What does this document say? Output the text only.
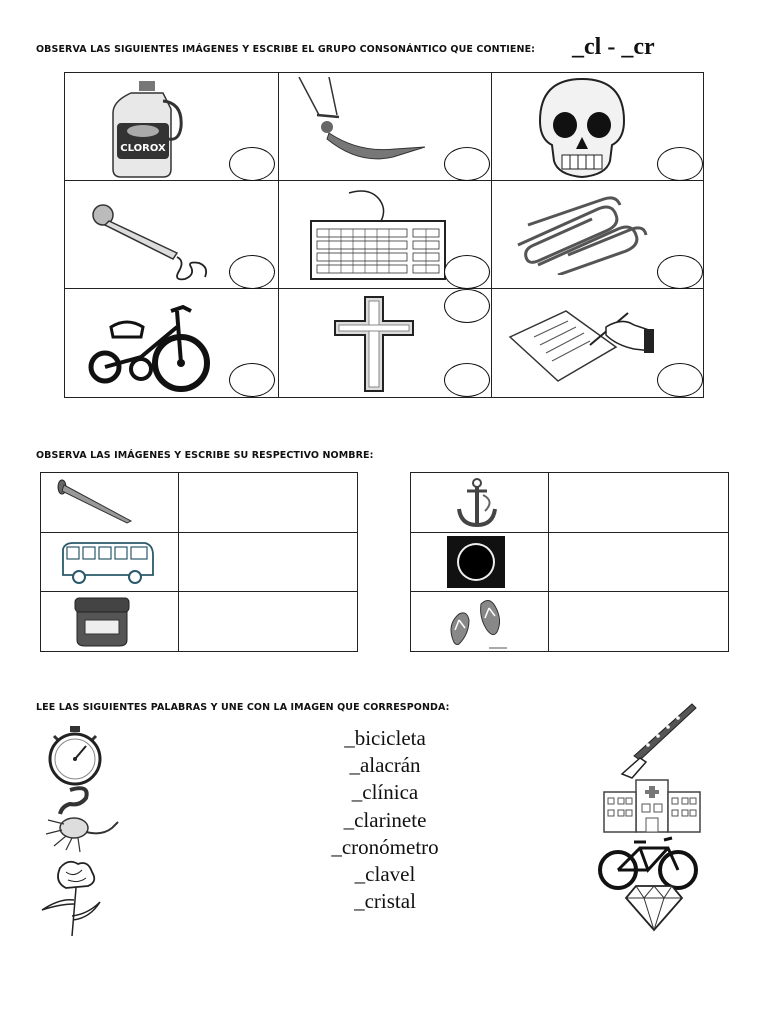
OBSERVA LAS SIGUIENTES IMÁGENES Y ESCRIBE EL GRUPO CONSONÁNTICO QUE CONTIENE: _cl - _cr
CLOROX
OBSERVA LAS IMÁGENES Y ESCRIBE SU RESPECTIVO NOMBRE:
LEE LAS SIGUIENTES PALABRAS Y UNE CON LA IMAGEN QUE CORRESPONDA:
_bicicleta
_alacrán
_clínica
_clarinete
_cronómetro
_clavel
_cristal
